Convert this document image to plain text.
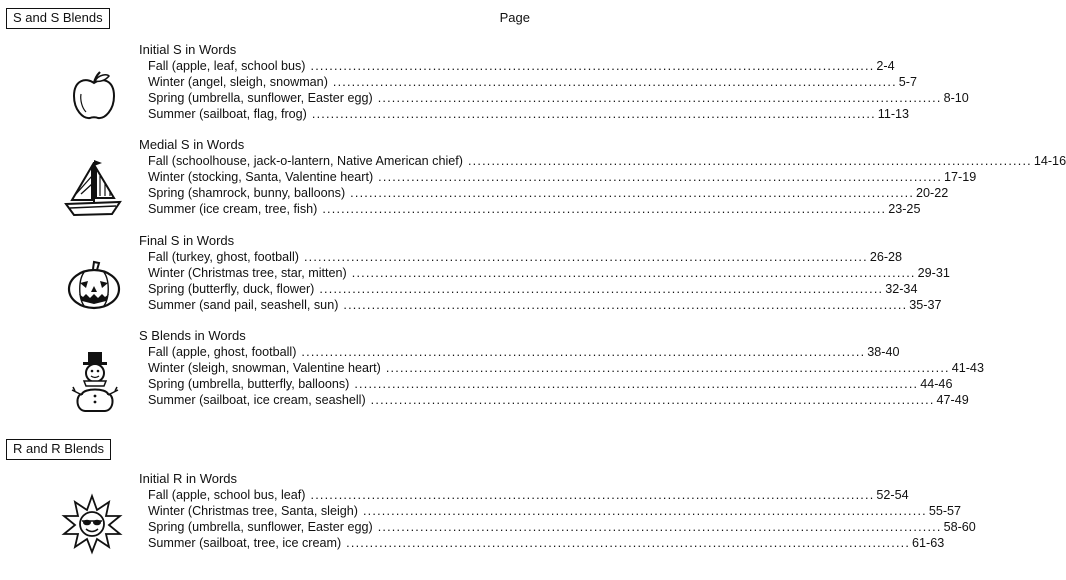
S and S Blends	Page
R and R Blends
Initial S in Words
Fall (apple, leaf, school bus) ........................................................................................................................ 2-4
Winter (angel, sleigh, snowman) ........................................................................................................................ 5-7
Spring (umbrella, sunflower, Easter egg) ........................................................................................................................ 8-10
Summer (sailboat, flag, frog) ........................................................................................................................ 11-13
Medial S in Words
Fall (schoolhouse, jack-o-lantern, Native American chief) ........................................................................................................................ 14-16
Winter (stocking, Santa, Valentine heart) ........................................................................................................................ 17-19
Spring (shamrock, bunny, balloons) ........................................................................................................................ 20-22
Summer (ice cream, tree, fish) ........................................................................................................................ 23-25
Final S in Words
Fall (turkey, ghost, football) ........................................................................................................................ 26-28
Winter (Christmas tree, star, mitten) ........................................................................................................................ 29-31
Spring (butterfly, duck, flower) ........................................................................................................................ 32-34
Summer (sand pail, seashell, sun) ........................................................................................................................ 35-37
S Blends in Words
Fall (apple, ghost, football) ........................................................................................................................ 38-40
Winter (sleigh, snowman, Valentine heart) ........................................................................................................................ 41-43
Spring (umbrella, butterfly, balloons) ........................................................................................................................ 44-46
Summer (sailboat, ice cream, seashell) ........................................................................................................................ 47-49
Initial R in Words
Fall (apple, school bus, leaf) ........................................................................................................................ 52-54
Winter (Christmas tree, Santa, sleigh) ........................................................................................................................ 55-57
Spring (umbrella, sunflower, Easter egg) ........................................................................................................................ 58-60
Summer (sailboat, tree, ice cream) ........................................................................................................................ 61-63
